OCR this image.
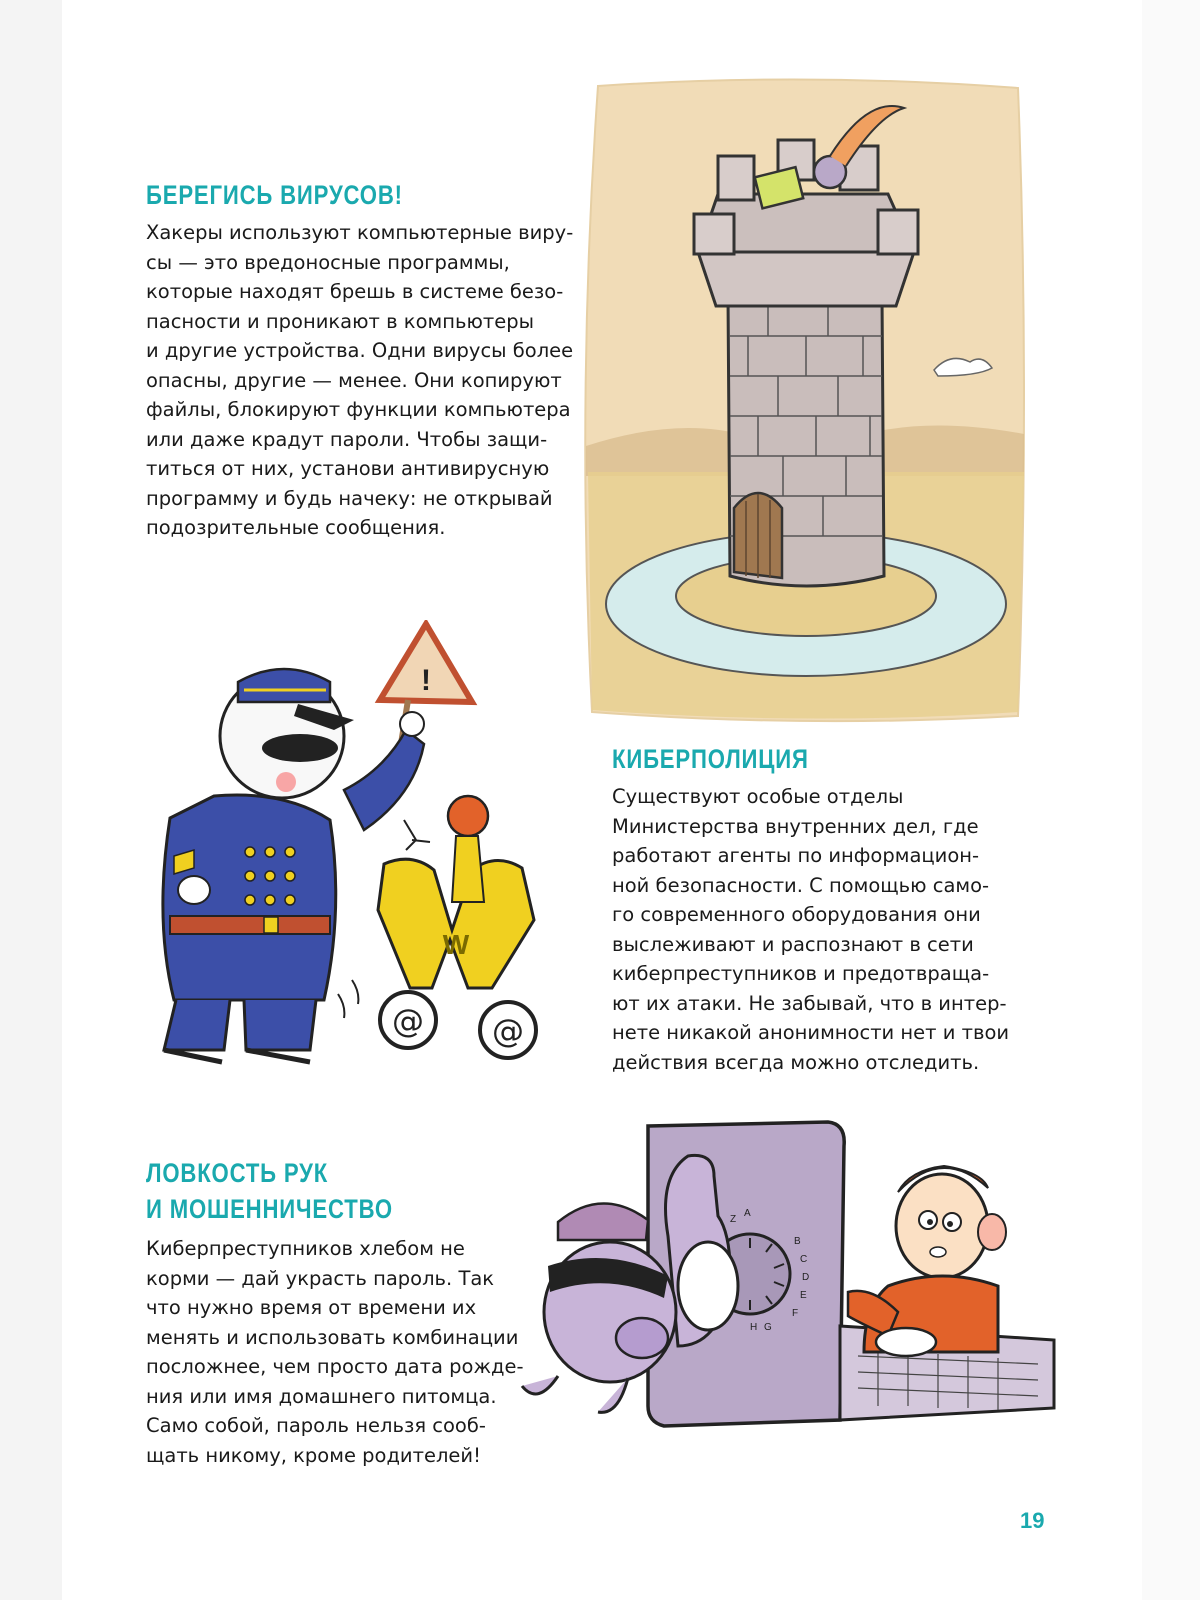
БЕРЕГИСЬ ВИРУСОВ!
Хакеры используют компьютерные виру-
сы — это вредоносные программы,
которые находят брешь в системе безо-
пасности и проникают в компьютеры
и другие устройства. Одни вирусы более
опасны, другие — менее. Они копируют
файлы, блокируют функции компьютера
или даже крадут пароли. Чтобы защи-
титься от них, установи антивирусную
программу и будь начеку: не открывай
подозрительные сообщения.
!
W
@ @
КИБЕРПОЛИЦИЯ
Существуют особые отделы
Министерства внутренних дел, где
работают агенты по информацион-
ной безопасности. С помощью само-
го современного оборудования они
выслеживают и распознают в сети
киберпреступников и предотвраща-
ют их атаки. Не забывай, что в интер-
нете никакой анонимности нет и твои
действия всегда можно отследить.
ЛОВКОСТЬ РУК
И МОШЕННИЧЕСТВО
Киберпреступников хлебом не
корми — дай украсть пароль. Так
что нужно время от времени их
менять и использовать комбинации
посложнее, чем просто дата рожде-
ния или имя домашнего питомца.
Само собой, пароль нельзя сооб-
щать никому, кроме родителей!
Z
A
B
C
D
E
F
G
H
19
